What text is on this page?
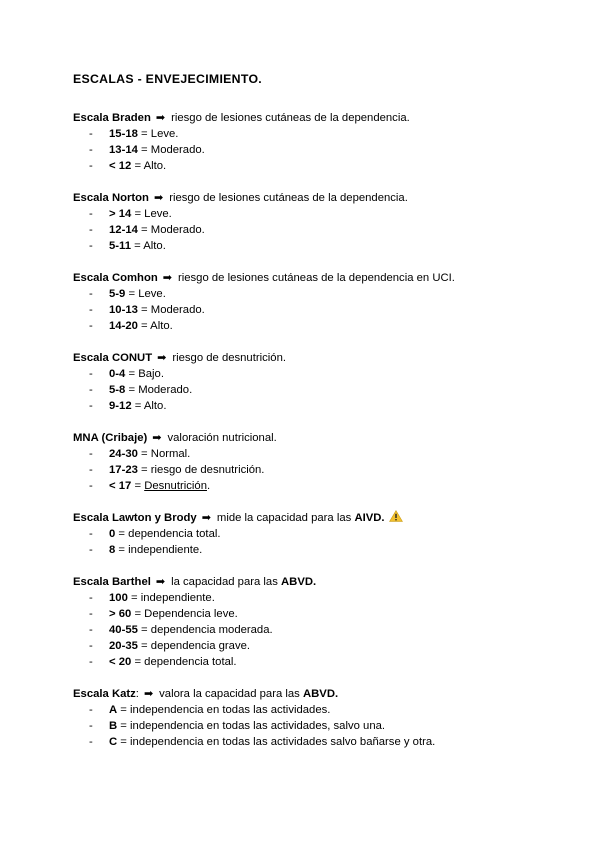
ESCALAS - ENVEJECIMIENTO.
Escala Braden ➡ riesgo de lesiones cutáneas de la dependencia.
- 15-18 = Leve.
- 13-14 = Moderado.
- < 12 = Alto.
Escala Norton ➡ riesgo de lesiones cutáneas de la dependencia.
- > 14 = Leve.
- 12-14 = Moderado.
- 5-11 = Alto.
Escala Comhon ➡ riesgo de lesiones cutáneas de la dependencia en UCI.
- 5-9 = Leve.
- 10-13 = Moderado.
- 14-20 = Alto.
Escala CONUT ➡ riesgo de desnutrición.
- 0-4 = Bajo.
- 5-8 = Moderado.
- 9-12 = Alto.
MNA (Cribaje) ➡ valoración nutricional.
- 24-30 = Normal.
- 17-23 = riesgo de desnutrición.
- < 17 = Desnutrición.
Escala Lawton y Brody ➡ mide la capacidad para las AIVD.
- 0 = dependencia total.
- 8 = independiente.
Escala Barthel ➡ la capacidad para las ABVD.
- 100 = independiente.
- > 60 = Dependencia leve.
- 40-55 = dependencia moderada.
- 20-35 = dependencia grave.
- < 20 = dependencia total.
Escala Katz: ➡ valora la capacidad para las ABVD.
- A = independencia en todas las actividades.
- B = independencia en todas las actividades, salvo una.
- C = independencia en todas las actividades salvo bañarse y otra.
